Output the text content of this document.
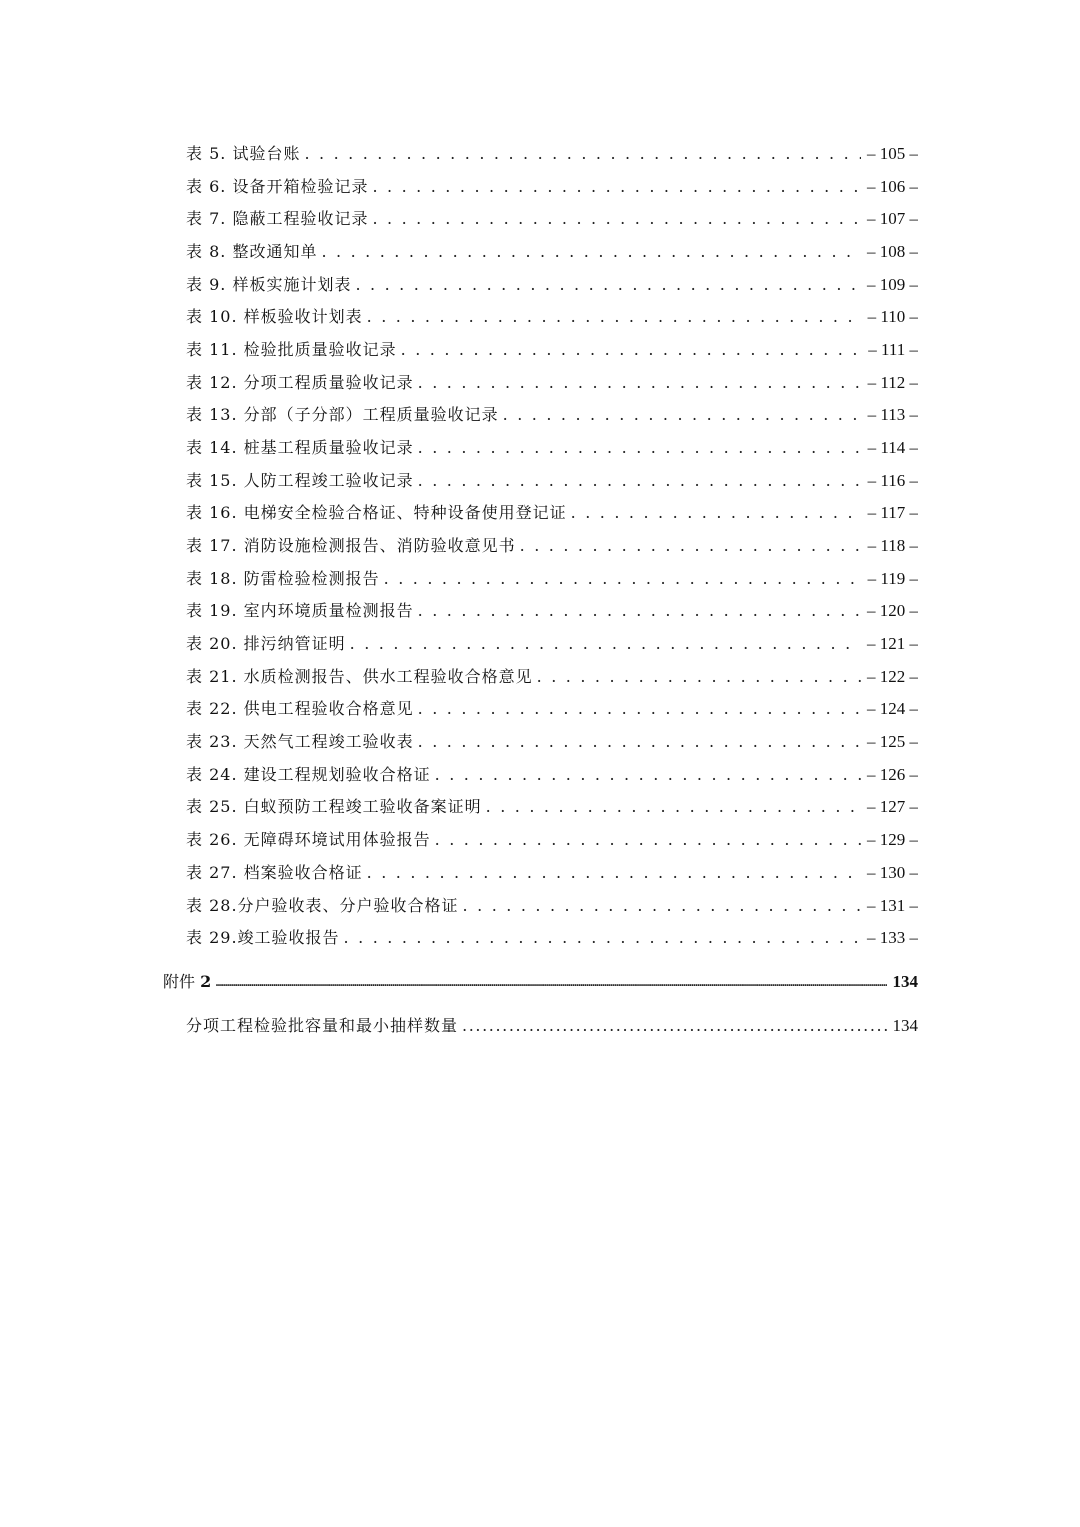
表 5. 试验台账 . . .	– 105 –
表 6. 设备开箱检验记录 . . .	– 106 –
表 7. 隐蔽工程验收记录 . . .	– 107 –
表 8. 整改通知单 . . .	– 108 –
表 9. 样板实施计划表 . . .	– 109 –
表 10. 样板验收计划表 . . .	– 110 –
表 11. 检验批质量验收记录 . . .	– 111 –
表 12. 分项工程质量验收记录 . . .	– 112 –
表 13. 分部（子分部）工程质量验收记录 . . .	– 113 –
表 14. 桩基工程质量验收记录 . . .	– 114 –
表 15. 人防工程竣工验收记录 . . .	– 116 –
表 16. 电梯安全检验合格证、特种设备使用登记证 . . .	– 117 –
表 17. 消防设施检测报告、消防验收意见书 . . .	– 118 –
表 18. 防雷检验检测报告 . . .	– 119 –
表 19. 室内环境质量检测报告 . . .	– 120 –
表 20. 排污纳管证明 . . .	– 121 –
表 21. 水质检测报告、供水工程验收合格意见 . . .	– 122 –
表 22. 供电工程验收合格意见 . . .	– 124 –
表 23. 天然气工程竣工验收表 . . .	– 125 –
表 24. 建设工程规划验收合格证 . . .	– 126 –
表 25. 白蚁预防工程竣工验收备案证明 . . .	– 127 –
表 26. 无障碍环境试用体验报告 . . .	– 129 –
表 27. 档案验收合格证 . . .	– 130 –
表 28.分户验收表、分户验收合格证 . . .	– 131 –
表 29.竣工验收报告 . . .	– 133 –
附件 2 .....	134
分项工程检验批容量和最小抽样数量 .....	134
